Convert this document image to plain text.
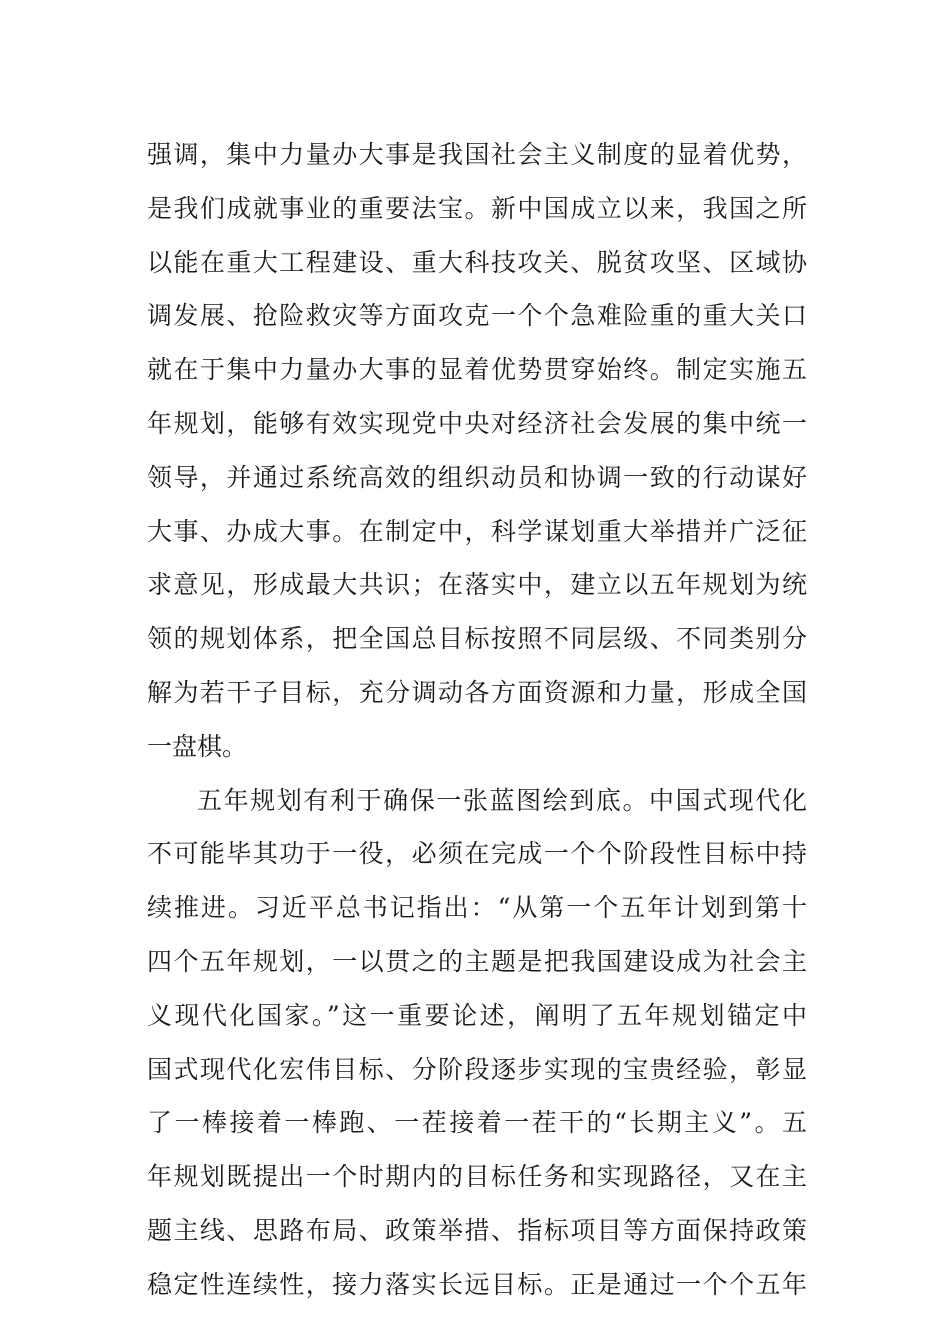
强调，集中力量办大事是我国社会主义制度的显着优势，
是我们成就事业的重要法宝。新中国成立以来，我国之所
以能在重大工程建设、重大科技攻关、脱贫攻坚、区域协
调发展、抢险救灾等方面攻克一个个急难险重的重大关口
就在于集中力量办大事的显着优势贯穿始终。制定实施五
年规划，能够有效实现党中央对经济社会发展的集中统一
领导，并通过系统高效的组织动员和协调一致的行动谋好
大事、办成大事。在制定中，科学谋划重大举措并广泛征
求意见，形成最大共识；在落实中，建立以五年规划为统
领的规划体系，把全国总目标按照不同层级、不同类别分
解为若干子目标，充分调动各方面资源和力量，形成全国
一盘棋。
五年规划有利于确保一张蓝图绘到底。中国式现代化
不可能毕其功于一役，必须在完成一个个阶段性目标中持
续推进。习近平总书记指出：“从第一个五年计划到第十
四个五年规划，一以贯之的主题是把我国建设成为社会主
义现代化国家。”这一重要论述，阐明了五年规划锚定中
国式现代化宏伟目标、分阶段逐步实现的宝贵经验，彰显
了一棒接着一棒跑、一茬接着一茬干的“长期主义”。五
年规划既提出一个时期内的目标任务和实现路径，又在主
题主线、思路布局、政策举措、指标项目等方面保持政策
稳定性连续性，接力落实长远目标。正是通过一个个五年
